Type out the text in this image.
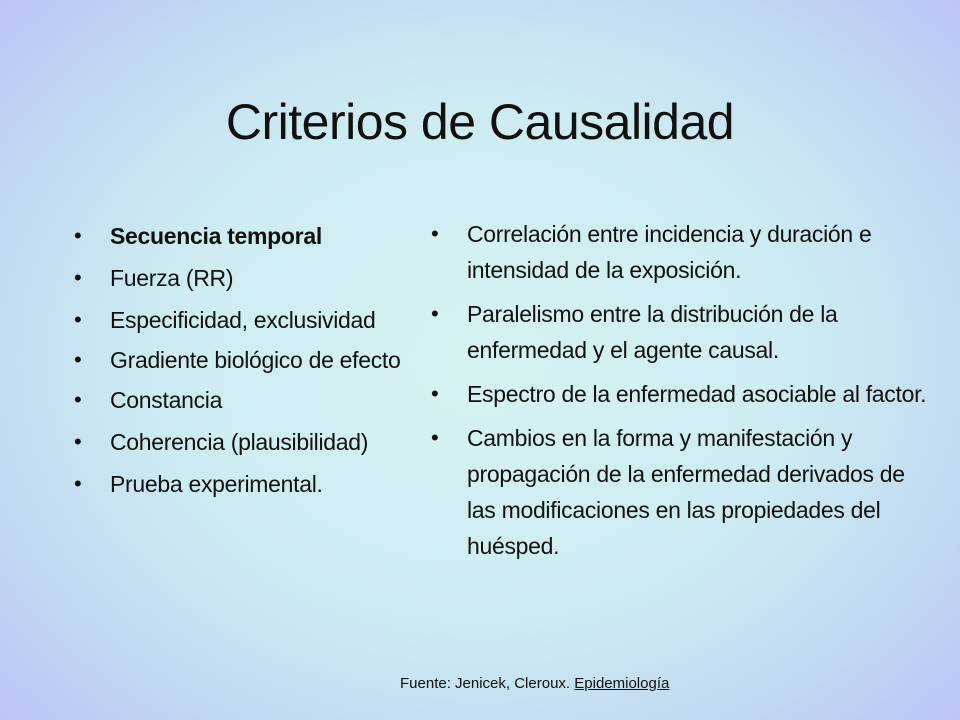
Criterios de Causalidad
•	Secuencia temporal
•	Fuerza (RR)
•	Especificidad, exclusividad
•	Gradiente biológico de efecto
•	Constancia
•	Coherencia (plausibilidad)
•	Prueba experimental.
•	Correlación entre incidencia y duración e intensidad de la exposición.
•	Paralelismo entre la distribución de la enfermedad y el agente causal.
•	Espectro de la enfermedad asociable al factor.
•	Cambios en la forma y manifestación y propagación de la enfermedad derivados de las modificaciones en las propiedades del huésped.
Fuente: Jenicek, Cleroux. Epidemiología
